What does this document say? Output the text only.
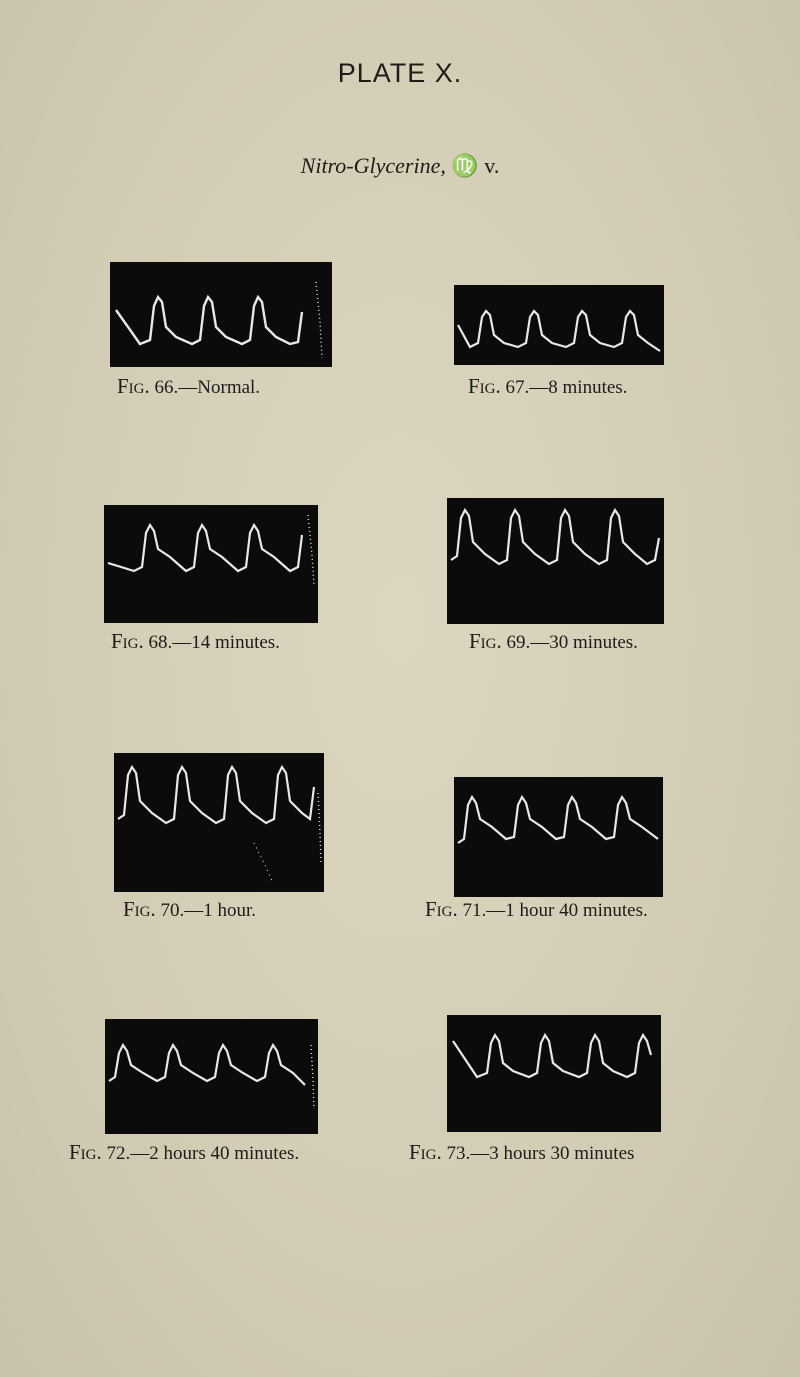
PLATE X.
Nitro-Glycerine, ♍ v.
Fig. 66.—Normal.	Fig. 67.—8 minutes.
Fig. 68.—14 minutes.	Fig. 69.—30 minutes.
Fig. 70.—1 hour.	Fig. 71.—1 hour 40 minutes.
Fig. 72.—2 hours 40 minutes.	Fig. 73.—3 hours 30 minutes
